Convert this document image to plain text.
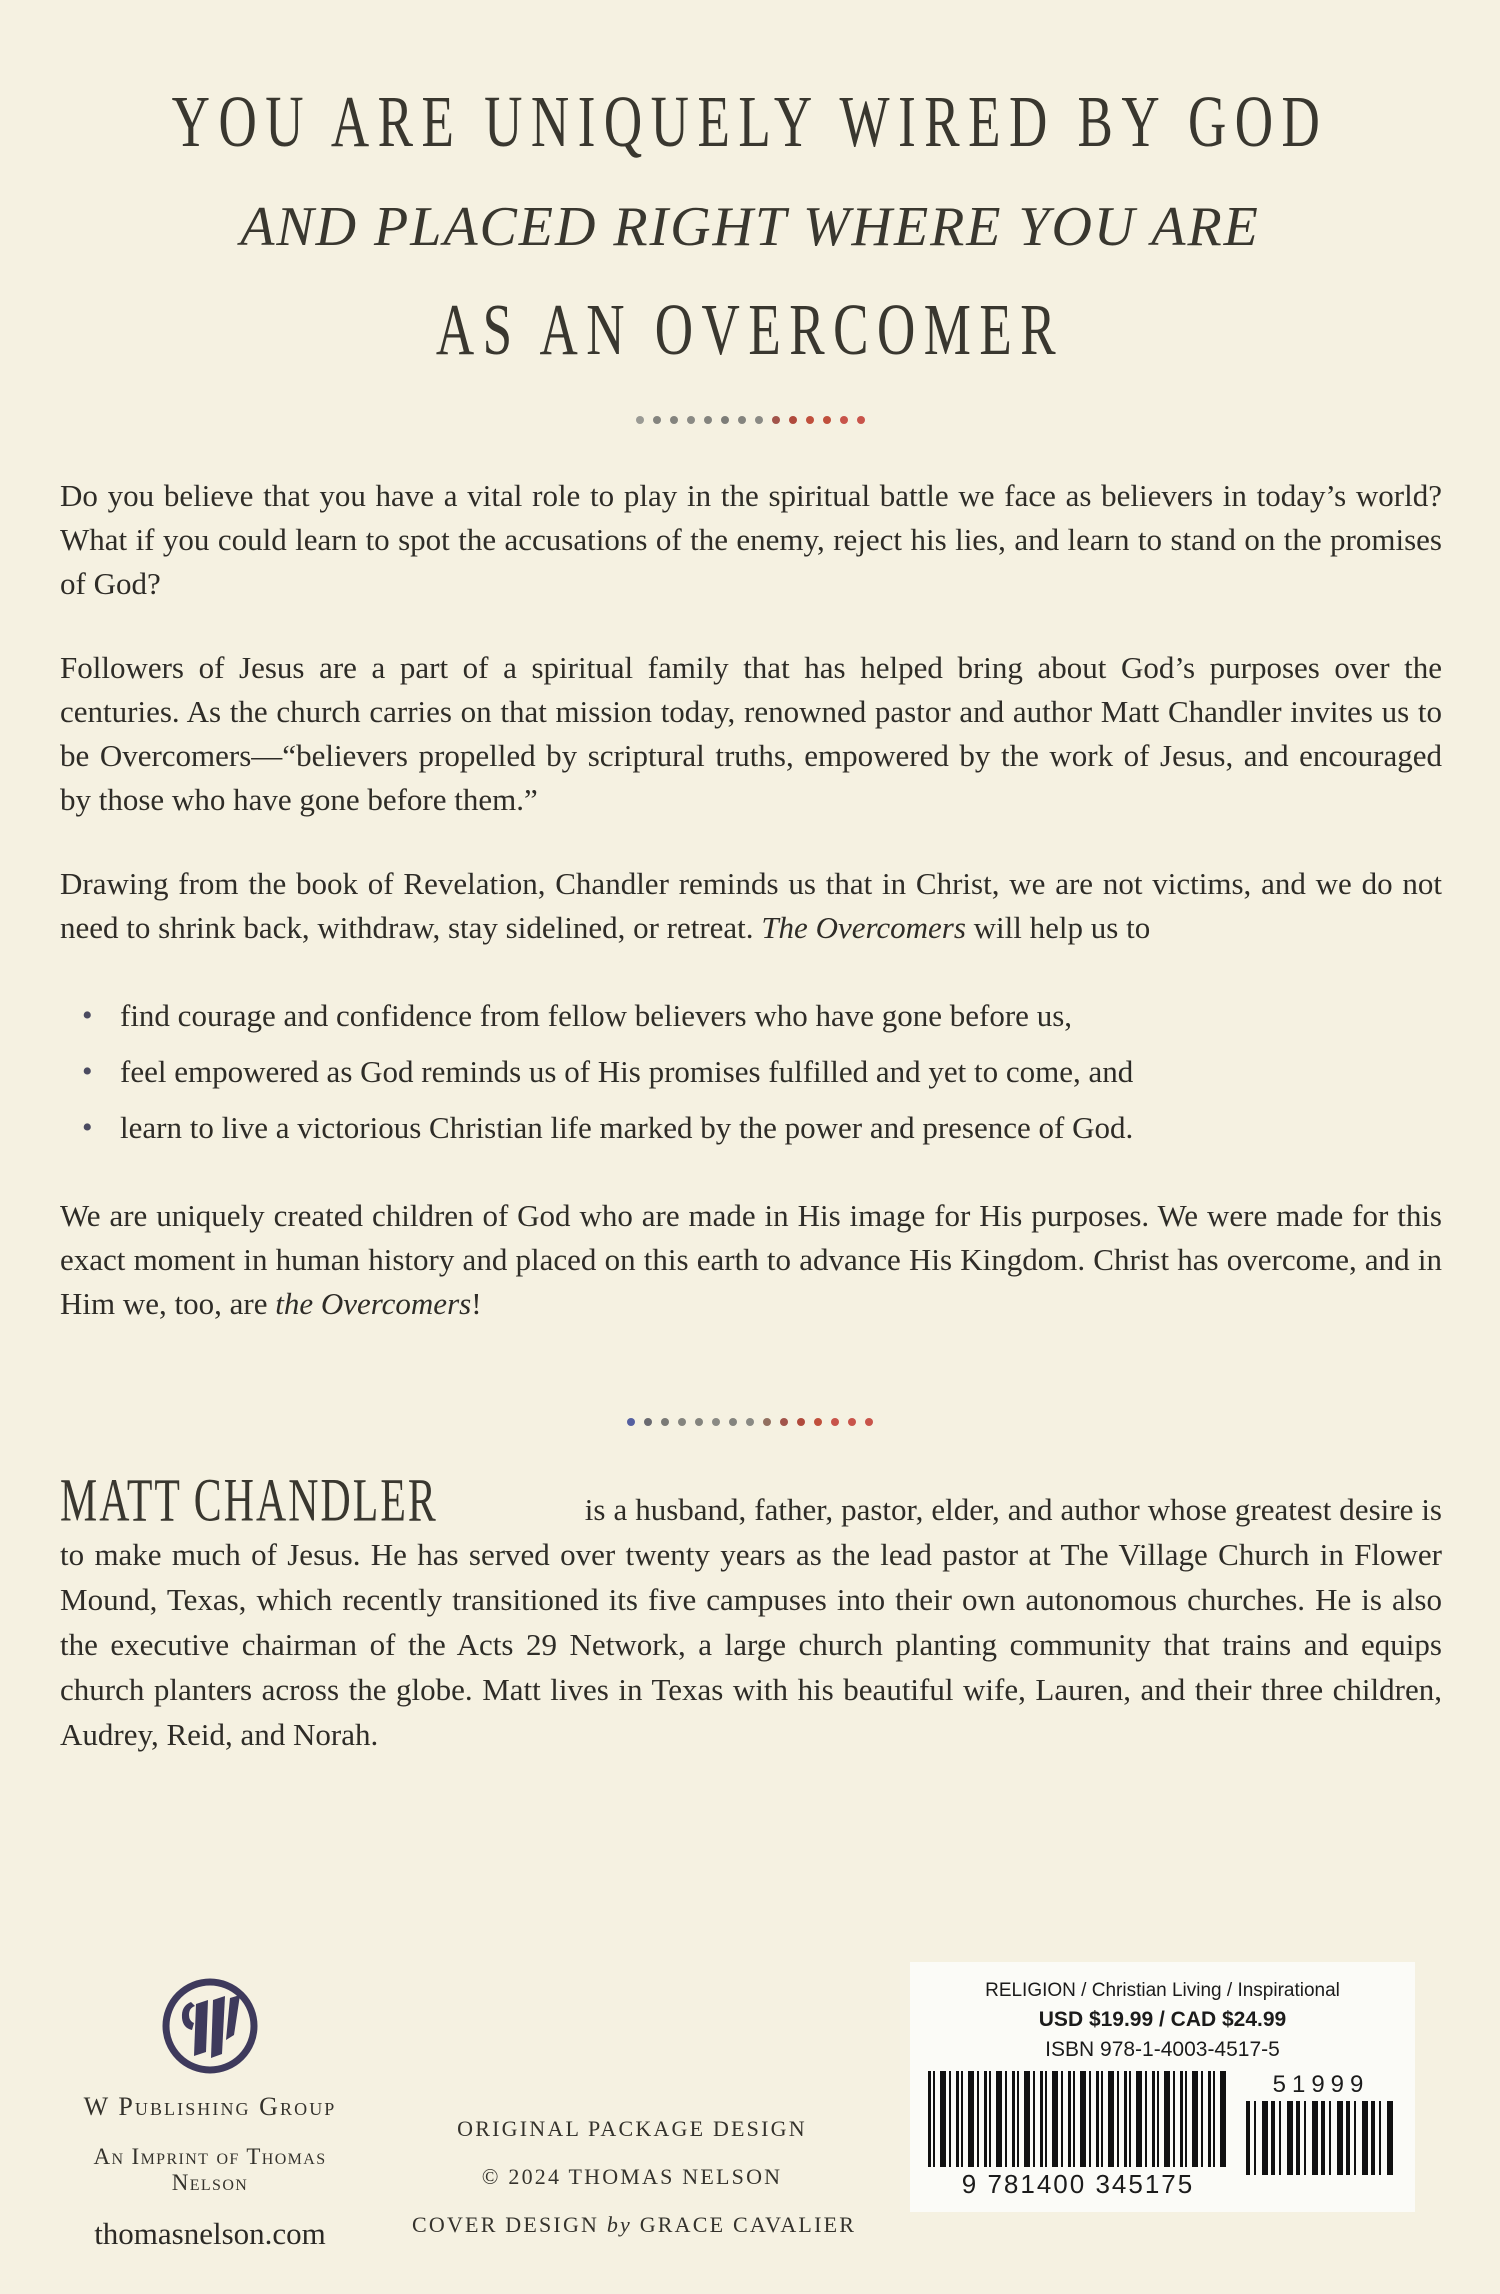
YOU ARE UNIQUELY WIRED BY GOD
AND PLACED RIGHT WHERE YOU ARE
AS AN OVERCOMER

Do you believe that you have a vital role to play in the spiritual battle we face as believers in today’s world? What if you could learn to spot the accusations of the enemy, reject his lies, and learn to stand on the promises of God?

Followers of Jesus are a part of a spiritual family that has helped bring about God’s purposes over the centuries. As the church carries on that mission today, renowned pastor and author Matt Chandler invites us to be Overcomers—“believers propelled by scriptural truths, empowered by the work of Jesus, and encouraged by those who have gone before them.”

Drawing from the book of Revelation, Chandler reminds us that in Christ, we are not victims, and we do not need to shrink back, withdraw, stay sidelined, or retreat. The Overcomers will help us to

• find courage and confidence from fellow believers who have gone before us,
• feel empowered as God reminds us of His promises fulfilled and yet to come, and
• learn to live a victorious Christian life marked by the power and presence of God.

We are uniquely created children of God who are made in His image for His purposes. We were made for this exact moment in human history and placed on this earth to advance His Kingdom. Christ has overcome, and in Him we, too, are the Overcomers!

MATT CHANDLER	is a husband, father, pastor, elder, and author whose greatest desire is to make much of Jesus. He has served over twenty years as the lead pastor at The Village Church in Flower Mound, Texas, which recently transitioned its five campuses into their own autonomous churches. He is also the executive chairman of the Acts 29 Network, a large church planting community that trains and equips church planters across the globe. Matt lives in Texas with his beautiful wife, Lauren, and their three children, Audrey, Reid, and Norah.

W Publishing Group
An Imprint of Thomas Nelson
thomasnelson.com
ORIGINAL PACKAGE DESIGN
© 2024 THOMAS NELSON
COVER DESIGN by GRACE CAVALIER
RELIGION / Christian Living / Inspirational
USD $19.99 / CAD $24.99
ISBN 978-1-4003-4517-5
9 781400 345175
51999
